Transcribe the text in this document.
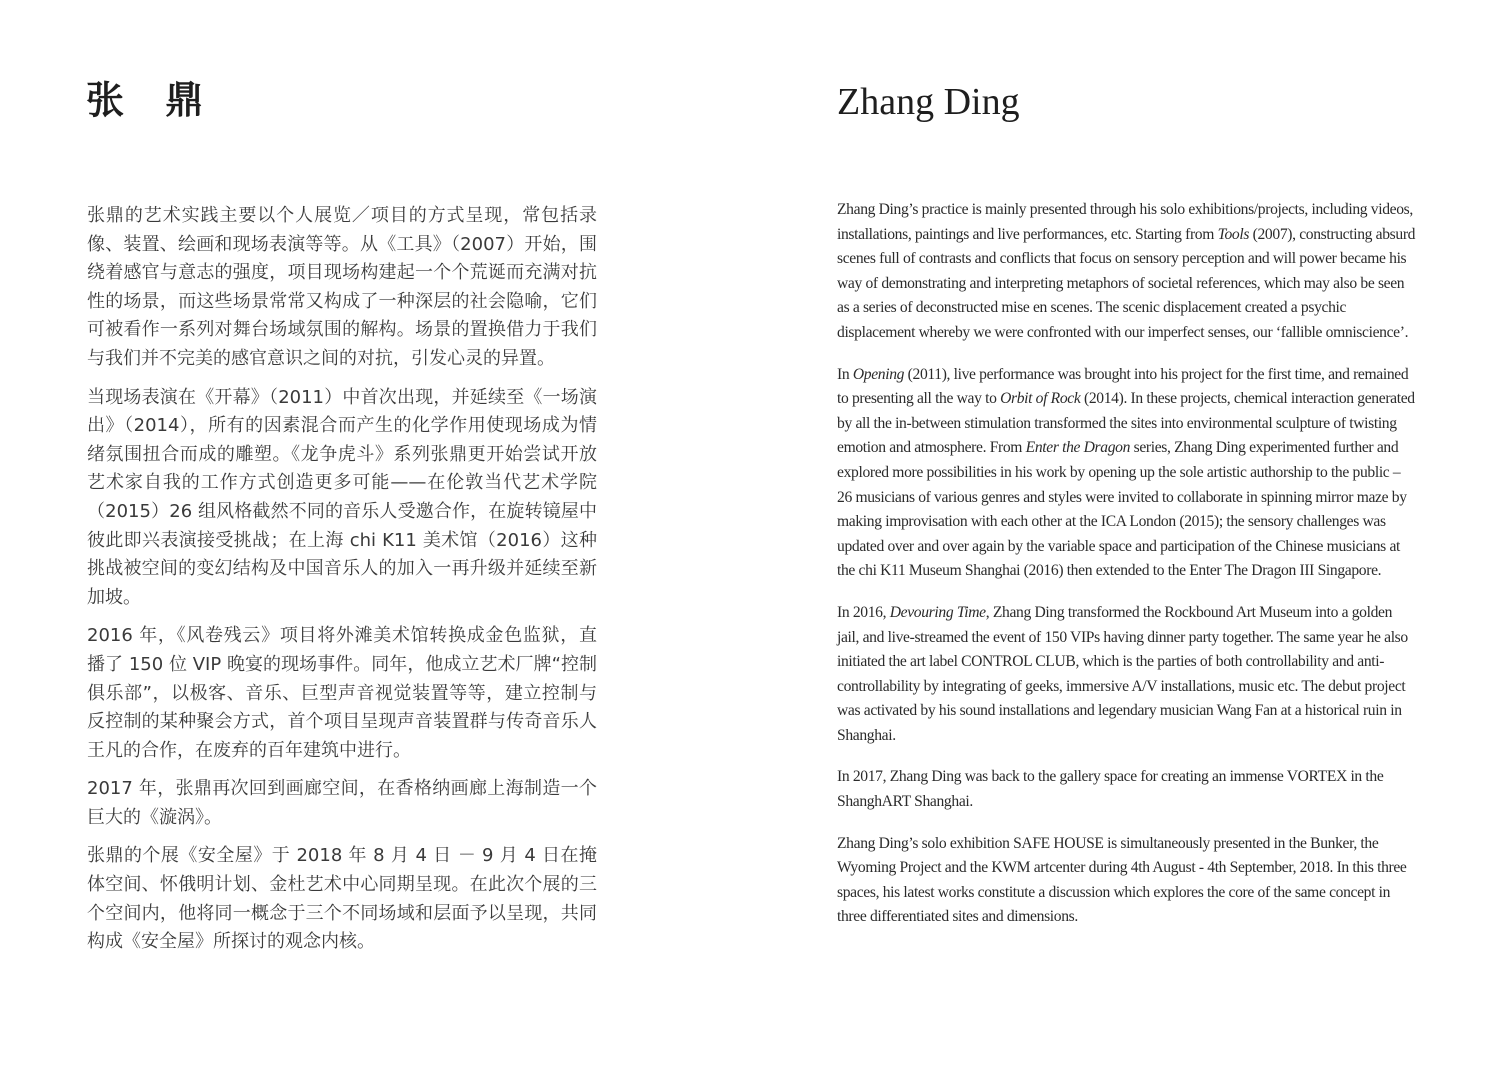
张 鼎

张鼎的艺术实践主要以个人展览／项目的方式呈现，常包括录像、装置、绘画和现场表演等等。从《工具》（2007）开始，围绕着感官与意志的强度，项目现场构建起一个个荒诞而充满对抗性的场景，而这些场景常常又构成了一种深层的社会隐喻，它们可被看作一系列对舞台场域氛围的解构。场景的置换借力于我们与我们并不完美的感官意识之间的对抗，引发心灵的异置。

当现场表演在《开幕》（2011）中首次出现，并延续至《一场演出》（2014），所有的因素混合而产生的化学作用使现场成为情绪氛围扭合而成的雕塑。《龙争虎斗》系列张鼎更开始尝试开放艺术家自我的工作方式创造更多可能——在伦敦当代艺术学院（2015）26 组风格截然不同的音乐人受邀合作，在旋转镜屋中彼此即兴表演接受挑战；在上海 chi K11 美术馆（2016）这种挑战被空间的变幻结构及中国音乐人的加入一再升级并延续至新加坡。

2016 年，《风卷残云》项目将外滩美术馆转换成金色监狱，直播了 150 位 VIP 晚宴的现场事件。同年，他成立艺术厂牌“控制俱乐部”，以极客、音乐、巨型声音视觉装置等等，建立控制与反控制的某种聚会方式，首个项目呈现声音装置群与传奇音乐人王凡的合作，在废弃的百年建筑中进行。

2017 年，张鼎再次回到画廊空间，在香格纳画廊上海制造一个巨大的《漩涡》。

张鼎的个展《安全屋》于 2018 年 8 月 4 日 － 9 月 4 日在掩体空间、怀俄明计划、金杜艺术中心同期呈现。在此次个展的三个空间内，他将同一概念于三个不同场域和层面予以呈现，共同构成《安全屋》所探讨的观念内核。

Zhang Ding

Zhang Ding’s practice is mainly presented through his solo exhibitions/projects, including videos, installations, paintings and live performances, etc. Starting from Tools (2007), constructing absurd scenes full of contrasts and conflicts that focus on sensory perception and will power became his way of demonstrating and interpreting metaphors of societal references, which may also be seen as a series of deconstructed mise en scenes. The scenic displacement created a psychic displacement whereby we were confronted with our imperfect senses, our ‘fallible omniscience’.

In Opening (2011), live performance was brought into his project for the first time, and remained to presenting all the way to Orbit of Rock (2014). In these projects, chemical interaction generated by all the in-between stimulation transformed the sites into environmental sculpture of twisting emotion and atmosphere. From Enter the Dragon series, Zhang Ding experimented further and explored more possibilities in his work by opening up the sole artistic authorship to the public – 26 musicians of various genres and styles were invited to collaborate in spinning mirror maze by making improvisation with each other at the ICA London (2015); the sensory challenges was updated over and over again by the variable space and participation of the Chinese musicians at the chi K11 Museum Shanghai (2016) then extended to the Enter The Dragon III Singapore.

In 2016, Devouring Time, Zhang Ding transformed the Rockbound Art Museum into a golden jail, and live-streamed the event of 150 VIPs having dinner party together. The same year he also initiated the art label CONTROL CLUB, which is the parties of both controllability and anti-controllability by integrating of geeks, immersive A/V installations, music etc. The debut project was activated by his sound installations and legendary musician Wang Fan at a historical ruin in Shanghai.

In 2017, Zhang Ding was back to the gallery space for creating an immense VORTEX in the ShanghART Shanghai.

Zhang Ding’s solo exhibition SAFE HOUSE is simultaneously presented in the Bunker, the Wyoming Project and the KWM artcenter during 4th August - 4th September, 2018. In this three spaces, his latest works constitute a discussion which explores the core of the same concept in three differentiated sites and dimensions.
